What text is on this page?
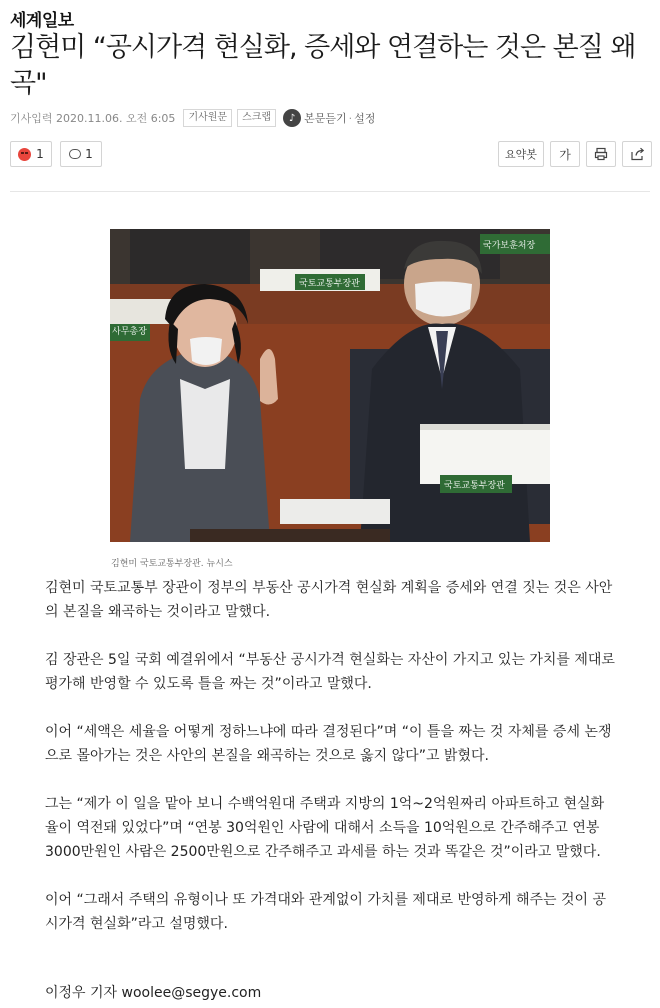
세계일보
김현미 “공시가격 현실화, 증세와 연결하는 것은 본질 왜곡"
기사입력 2020.11.06. 오전 6:05	기사원문	스크랩	♪ 본문듣기 · 설정
1	1	요약봇	가
국토교통부장관
국가보훈처장
사무총장
국토교통부장관
김현미 국토교통부장관. 뉴시스

김현미 국토교통부 장관이 정부의 부동산 공시가격 현실화 계획을 증세와 연결 짓는 것은 사안의 본질을 왜곡하는 것이라고 말했다.

김 장관은 5일 국회 예결위에서 “부동산 공시가격 현실화는 자산이 가지고 있는 가치를 제대로 평가해 반영할 수 있도록 틀을 짜는 것”이라고 말했다.

이어 “세액은 세율을 어떻게 정하느냐에 따라 결정된다”며 “이 틀을 짜는 것 자체를 증세 논쟁으로 몰아가는 것은 사안의 본질을 왜곡하는 것으로 옳지 않다”고 밝혔다.

그는 “제가 이 일을 맡아 보니 수백억원대 주택과 지방의 1억~2억원짜리 아파트하고 현실화율이 역전돼 있었다”며 “연봉 30억원인 사람에 대해서 소득을 10억원으로 간주해주고 연봉 3000만원인 사람은 2500만원으로 간주해주고 과세를 하는 것과 똑같은 것”이라고 말했다.

이어 “그래서 주택의 유형이나 또 가격대와 관계없이 가치를 제대로 반영하게 해주는 것이 공시가격 현실화”라고 설명했다.

이정우 기자 woolee@segye.com
